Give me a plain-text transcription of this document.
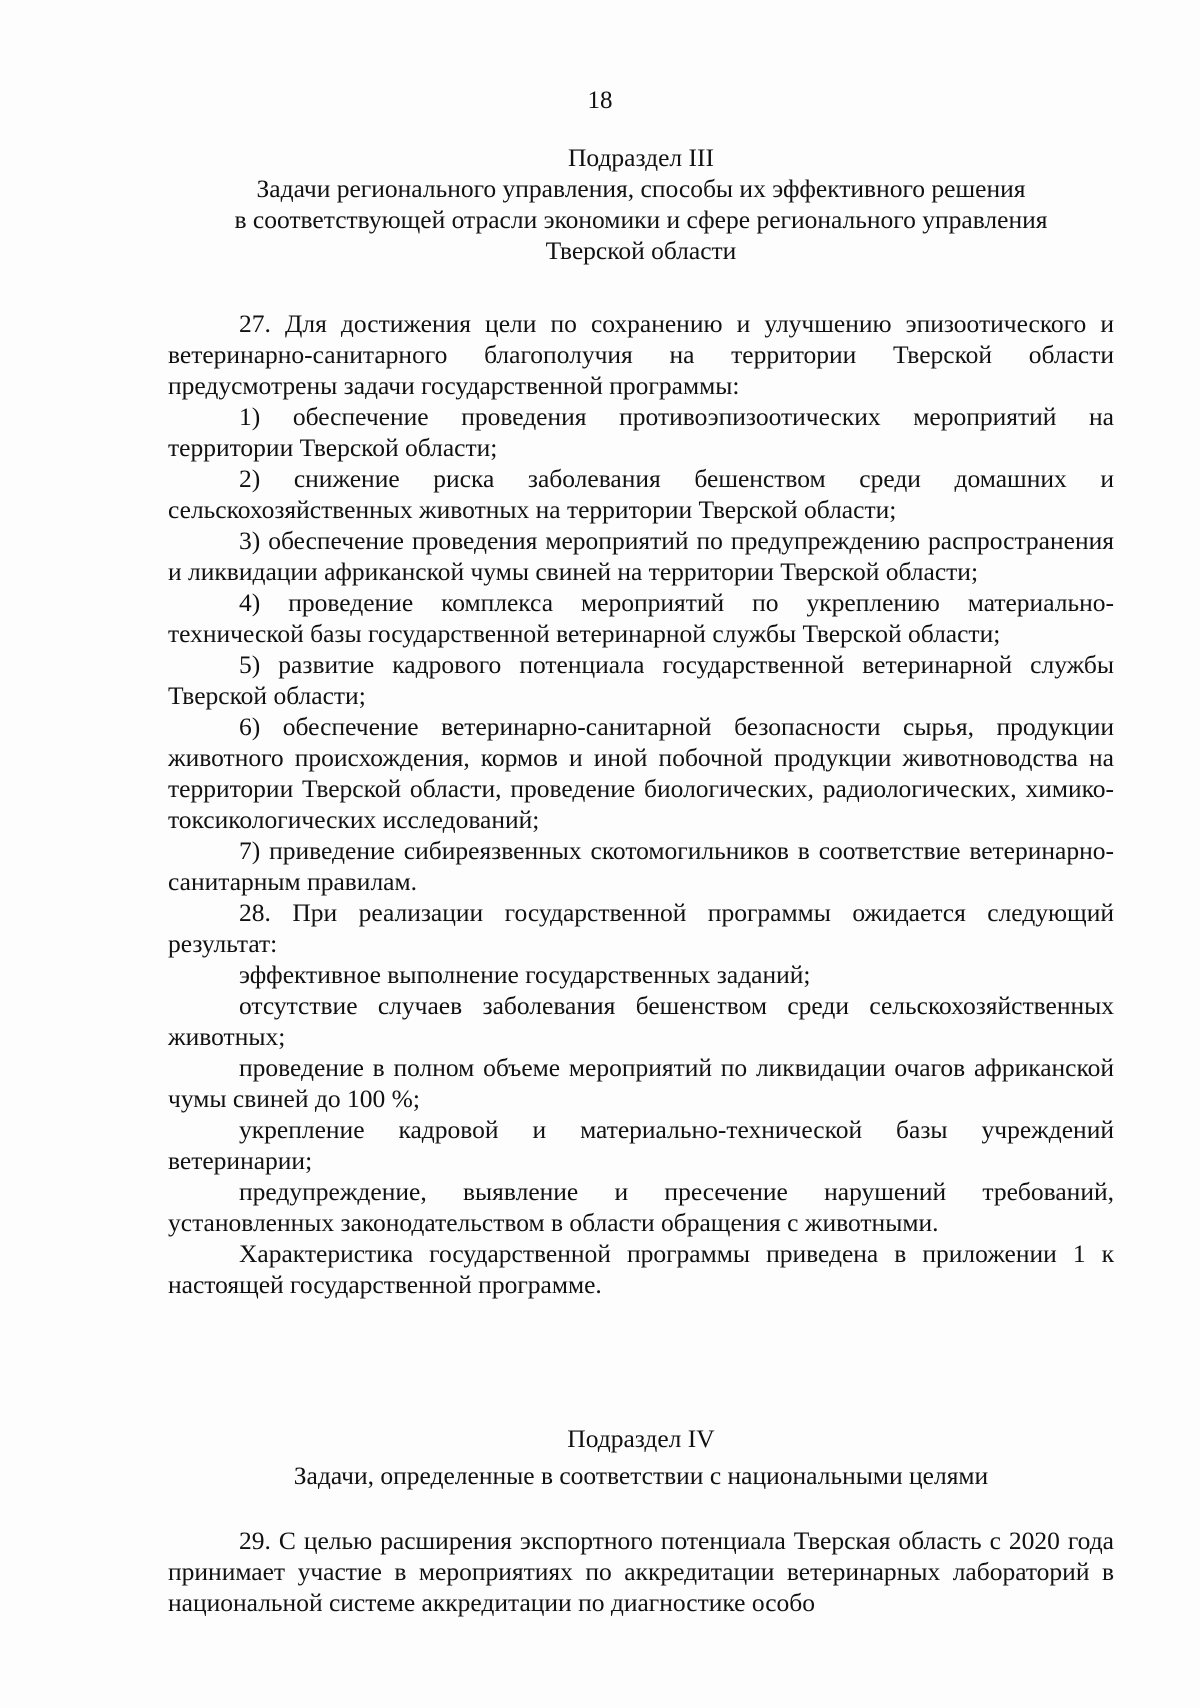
18

Подраздел III

Задачи регионального управления, способы их эффективного решения

в соответствующей отрасли экономики и сфере регионального управления

Тверской области

27. Для достижения цели по сохранению и улучшению эпизоотического и ветеринарно-санитарного благополучия на территории Тверской области предусмотрены задачи государственной программы:

1) обеспечение проведения противоэпизоотических мероприятий на территории Тверской области;

2) снижение риска заболевания бешенством среди домашних и сельскохозяйственных животных на территории Тверской области;

3) обеспечение проведения мероприятий по предупреждению распространения и ликвидации африканской чумы свиней на территории Тверской области;

4) проведение комплекса мероприятий по укреплению материально-технической базы государственной ветеринарной службы Тверской области;

5) развитие кадрового потенциала государственной ветеринарной службы Тверской области;

6) обеспечение ветеринарно-санитарной безопасности сырья, продукции животного происхождения, кормов и иной побочной продукции животноводства на территории Тверской области, проведение биологических, радиологических, химико-токсикологических исследований;

7) приведение сибиреязвенных скотомогильников в соответствие ветеринарно-санитарным правилам.

28. При реализации государственной программы ожидается следующий результат:

эффективное выполнение государственных заданий;

отсутствие случаев заболевания бешенством среди сельскохозяйственных животных;

проведение в полном объеме мероприятий по ликвидации очагов африканской чумы свиней до 100 %;

укрепление кадровой и материально-технической базы учреждений ветеринарии;

предупреждение, выявление и пресечение нарушений требований, установленных законодательством в области обращения с животными.

Характеристика государственной программы приведена в приложении 1 к настоящей государственной программе.

Подраздел IV

Задачи, определенные в соответствии с национальными целями

29. С целью расширения экспортного потенциала Тверская область с 2020 года принимает участие в мероприятиях по аккредитации ветеринарных лабораторий в национальной системе аккредитации по диагностике особо
